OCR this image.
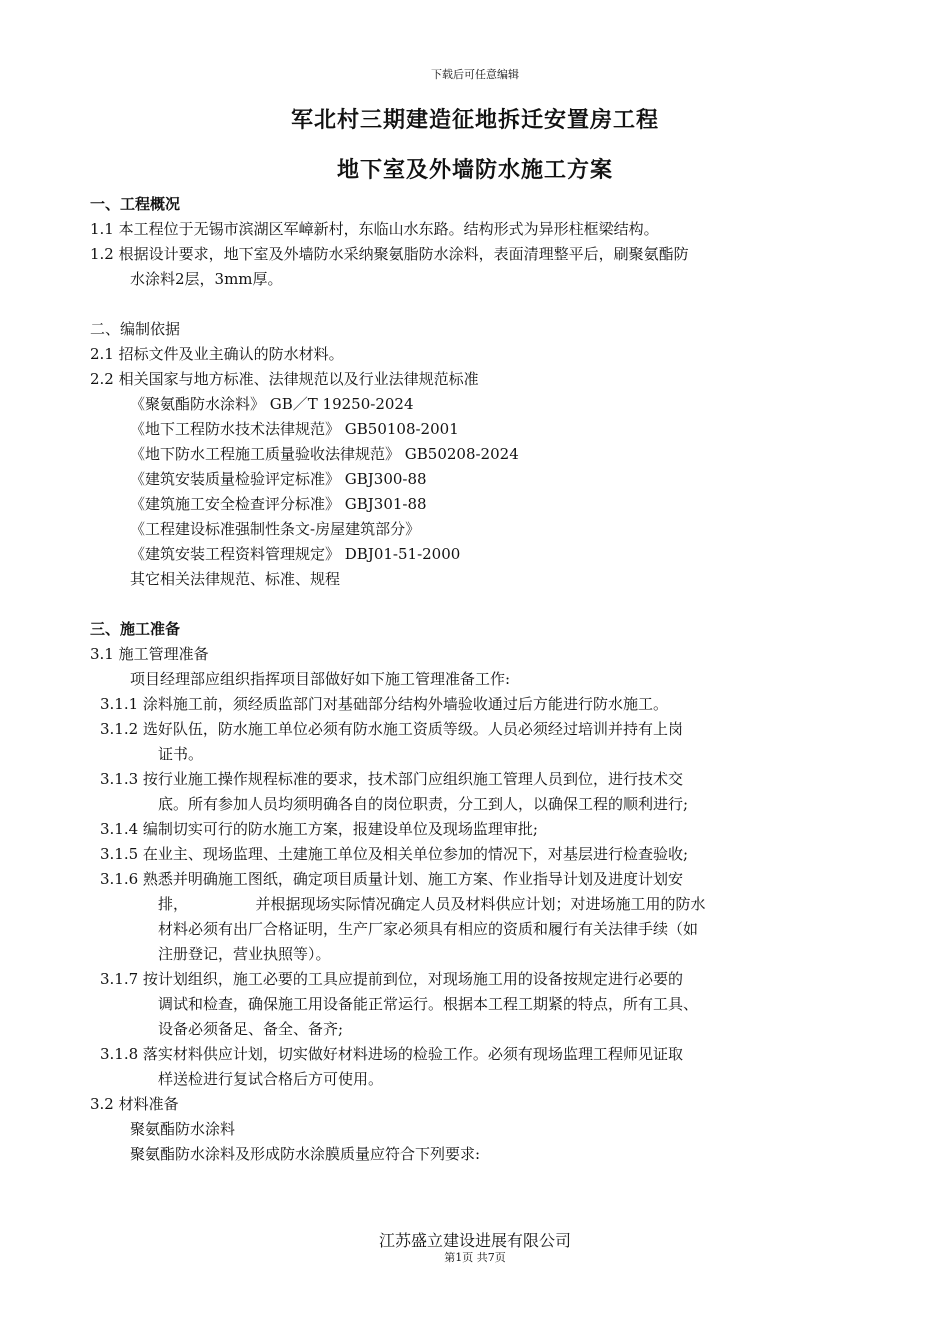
下载后可任意编辑
军北村三期建造征地拆迁安置房工程
地下室及外墙防水施工方案
一、工程概况
1.1 本工程位于无锡市滨湖区军嶂新村，东临山水东路。结构形式为异形柱框梁结构。
1.2 根据设计要求，地下室及外墙防水采纳聚氨脂防水涂料，表面清理整平后，刷聚氨酯防
水涂料2层，3mm厚。
二、编制依据
2.1 招标文件及业主确认的防水材料。
2.2 相关国家与地方标准、法律规范以及行业法律规范标准
《聚氨酯防水涂料》 GB／T 19250-2024
《地下工程防水技术法律规范》 GB50108-2001
《地下防水工程施工质量验收法律规范》 GB50208-2024
《建筑安装质量检验评定标准》 GBJ300-88
《建筑施工安全检查评分标准》 GBJ301-88
《工程建设标准强制性条文-房屋建筑部分》
《建筑安装工程资料管理规定》 DBJ01-51-2000
其它相关法律规范、标准、规程
三、施工准备
3.1 施工管理准备
项目经理部应组织指挥项目部做好如下施工管理准备工作:
3.1.1 涂料施工前，须经质监部门对基础部分结构外墙验收通过后方能进行防水施工。
3.1.2 选好队伍，防水施工单位必须有防水施工资质等级。人员必须经过培训并持有上岗
证书。
3.1.3 按行业施工操作规程标准的要求，技术部门应组织施工管理人员到位，进行技术交
底。所有参加人员均须明确各自的岗位职责，分工到人，以确保工程的顺利进行;
3.1.4 编制切实可行的防水施工方案，报建设单位及现场监理审批;
3.1.5 在业主、现场监理、土建施工单位及相关单位参加的情况下，对基层进行检查验收;
3.1.6 熟悉并明确施工图纸，确定项目质量计划、施工方案、作业指导计划及进度计划安
排，　　　　　并根据现场实际情况确定人员及材料供应计划；对进场施工用的防水
材料必须有出厂合格证明，生产厂家必须具有相应的资质和履行有关法律手续（如
注册登记，营业执照等）。
3.1.7 按计划组织，施工必要的工具应提前到位，对现场施工用的设备按规定进行必要的
调试和检查，确保施工用设备能正常运行。根据本工程工期紧的特点，所有工具、
设备必须备足、备全、备齐;
3.1.8 落实材料供应计划，切实做好材料进场的检验工作。必须有现场监理工程师见证取
样送检进行复试合格后方可使用。
3.2 材料准备
聚氨酯防水涂料
聚氨酯防水涂料及形成防水涂膜质量应符合下列要求:
江苏盛立建设进展有限公司
第1页 共7页
